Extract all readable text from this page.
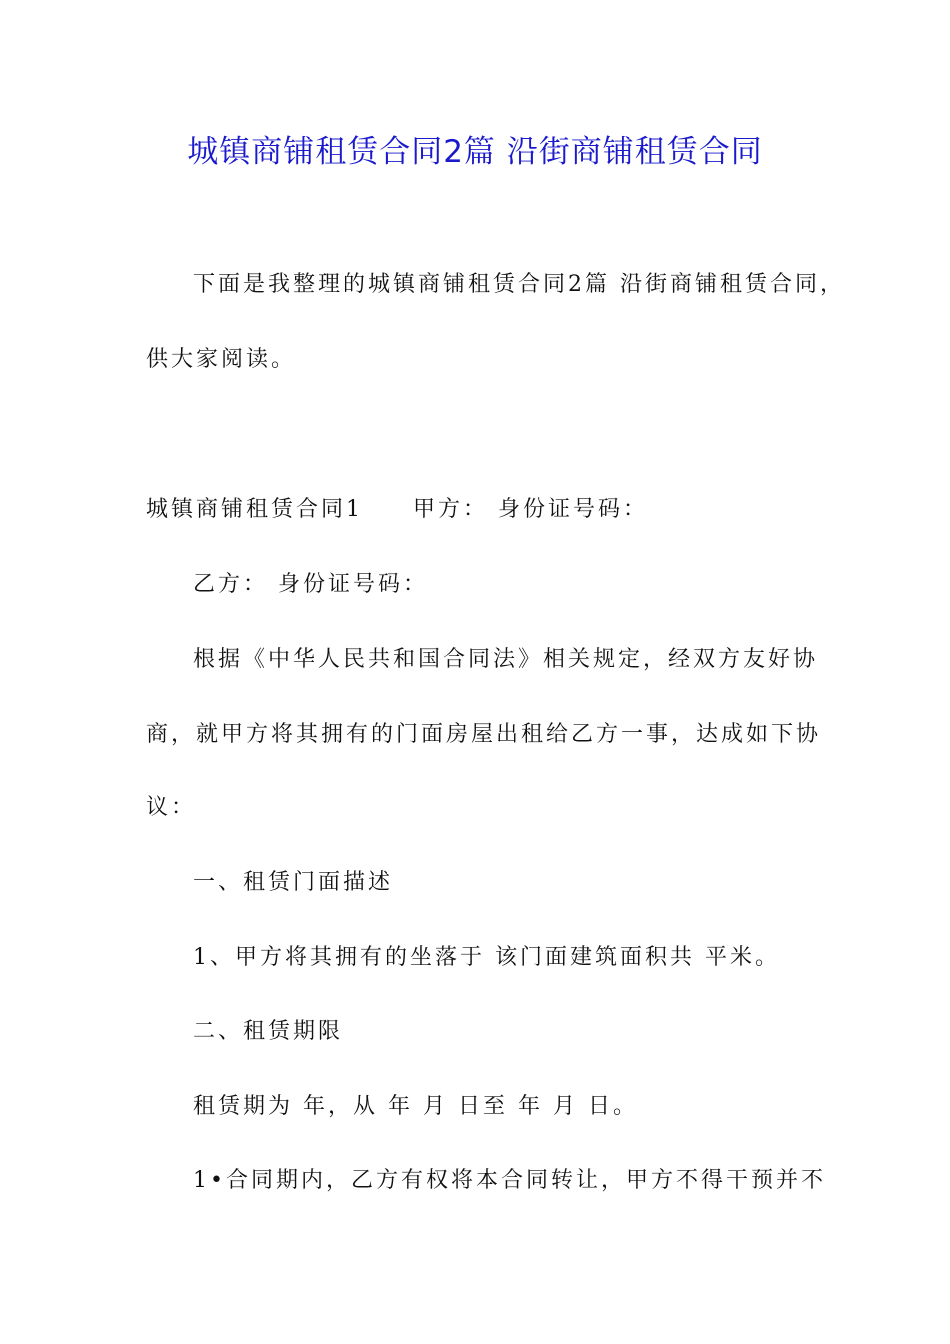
城镇商铺租赁合同2篇 沿街商铺租赁合同
下面是我整理的城镇商铺租赁合同2篇 沿街商铺租赁合同，
供大家阅读。
城镇商铺租赁合同1　　甲方： 身份证号码：
乙方： 身份证号码：
根据《中华人民共和国合同法》相关规定，经双方友好协
商，就甲方将其拥有的门面房屋出租给乙方一事，达成如下协
议：
一、租赁门面描述
1、甲方将其拥有的坐落于 该门面建筑面积共 平米。
二、租赁期限
租赁期为 年，从 年 月 日至 年 月 日。
1•合同期内，乙方有权将本合同转让，甲方不得干预并不
